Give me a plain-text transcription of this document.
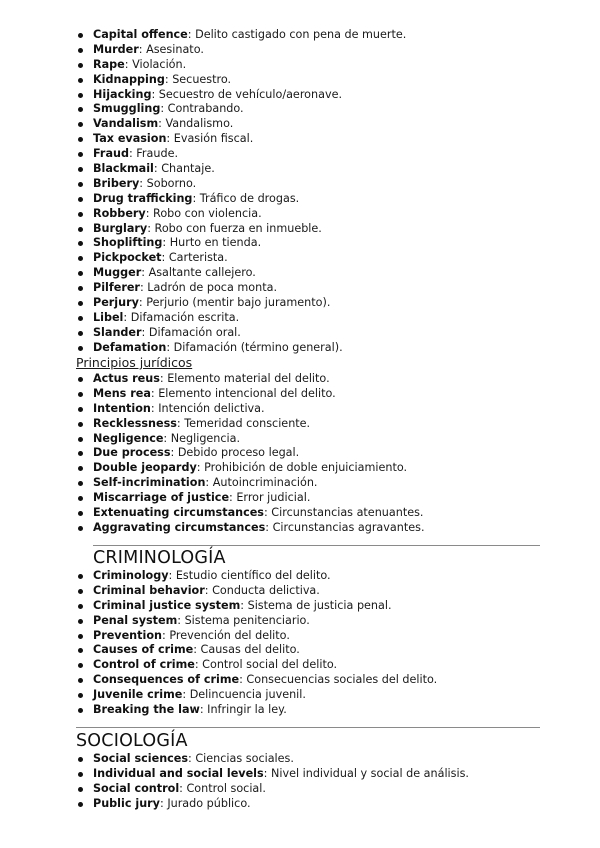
Capital offence: Delito castigado con pena de muerte.
Murder: Asesinato.
Rape: Violación.
Kidnapping: Secuestro.
Hijacking: Secuestro de vehículo/aeronave.
Smuggling: Contrabando.
Vandalism: Vandalismo.
Tax evasion: Evasión fiscal.
Fraud: Fraude.
Blackmail: Chantaje.
Bribery: Soborno.
Drug trafficking: Tráfico de drogas.
Robbery: Robo con violencia.
Burglary: Robo con fuerza en inmueble.
Shoplifting: Hurto en tienda.
Pickpocket: Carterista.
Mugger: Asaltante callejero.
Pilferer: Ladrón de poca monta.
Perjury: Perjurio (mentir bajo juramento).
Libel: Difamación escrita.
Slander: Difamación oral.
Defamation: Difamación (término general).
Principios jurídicos
Actus reus: Elemento material del delito.
Mens rea: Elemento intencional del delito.
Intention: Intención delictiva.
Recklessness: Temeridad consciente.
Negligence: Negligencia.
Due process: Debido proceso legal.
Double jeopardy: Prohibición de doble enjuiciamiento.
Self-incrimination: Autoincriminación.
Miscarriage of justice: Error judicial.
Extenuating circumstances: Circunstancias atenuantes.
Aggravating circumstances: Circunstancias agravantes.
CRIMINOLOGÍA
Criminology: Estudio científico del delito.
Criminal behavior: Conducta delictiva.
Criminal justice system: Sistema de justicia penal.
Penal system: Sistema penitenciario.
Prevention: Prevención del delito.
Causes of crime: Causas del delito.
Control of crime: Control social del delito.
Consequences of crime: Consecuencias sociales del delito.
Juvenile crime: Delincuencia juvenil.
Breaking the law: Infringir la ley.
SOCIOLOGÍA
Social sciences: Ciencias sociales.
Individual and social levels: Nivel individual y social de análisis.
Social control: Control social.
Public jury: Jurado público.
